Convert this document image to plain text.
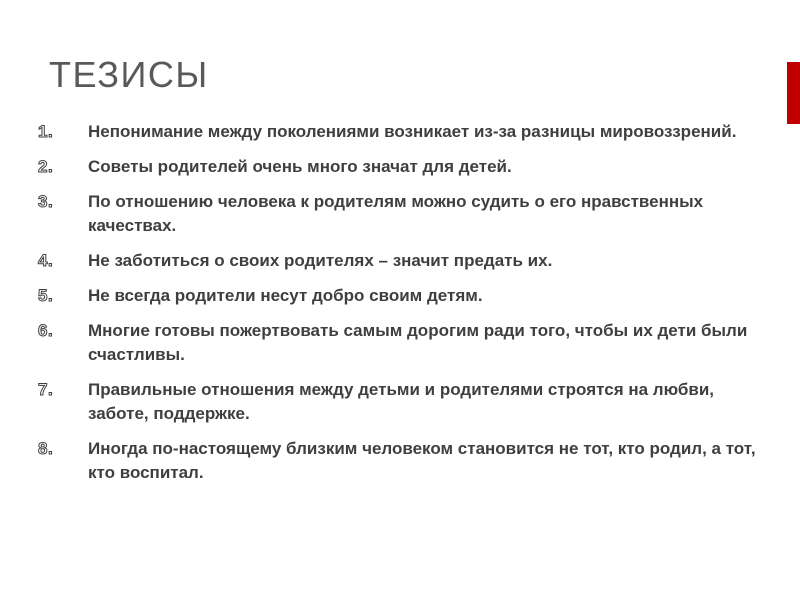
ТЕЗИСЫ
1.	Непонимание между поколениями возникает из-за разницы мировоззрений.
2.	Советы родителей очень много значат для детей.
3.	По отношению человека к родителям можно судить о его нравственных качествах.
4.	Не заботиться о своих родителях – значит предать их.
5.	Не всегда родители несут добро своим детям.
6.	Многие готовы пожертвовать самым дорогим ради того, чтобы их дети были счастливы.
7.	Правильные отношения между детьми и родителями строятся на любви, заботе, поддержке.
8.	Иногда по-настоящему близким человеком становится не тот, кто родил, а тот, кто воспитал.
